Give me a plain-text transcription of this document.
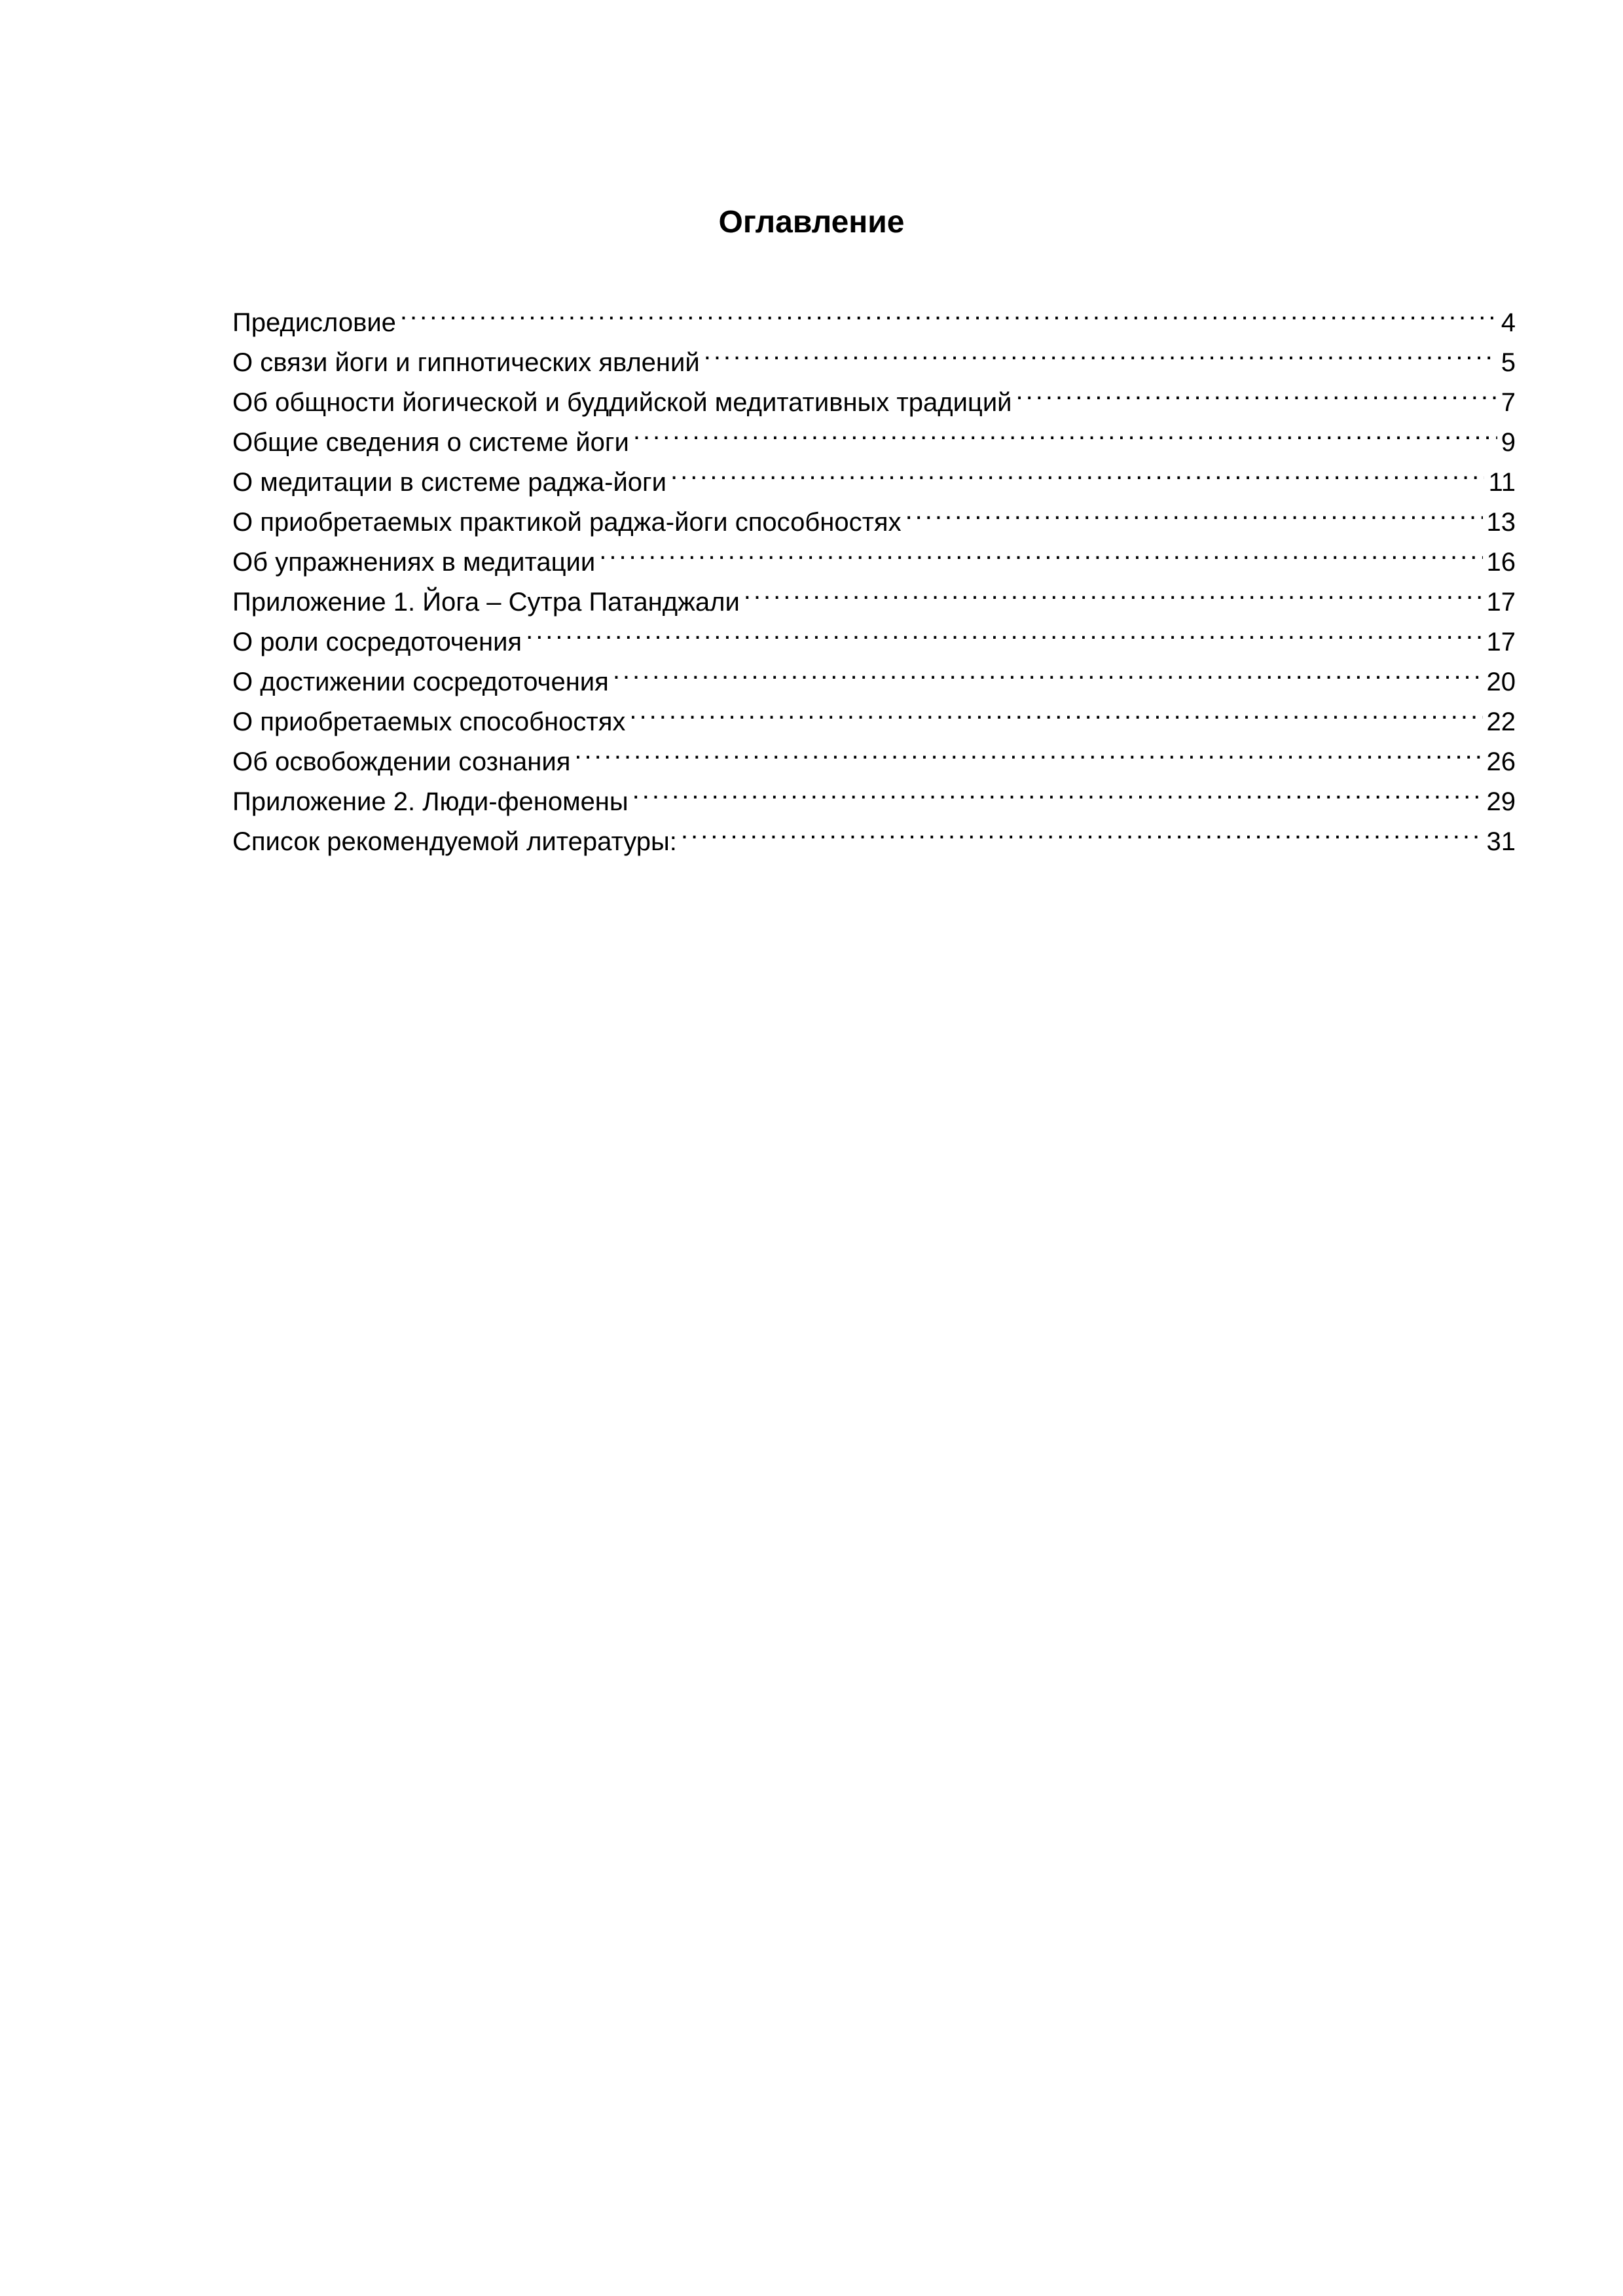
Оглавление
Предисловие .....	4
О связи йоги и гипнотических явлений .....	5
Об общности йогической и буддийской медитативных традиций .....	7
Общие сведения о системе йоги .....	9
О медитации в системе раджа-йоги .....	11
О приобретаемых практикой раджа-йоги способностях .....	13
Об упражнениях в медитации .....	16
Приложение 1. Йога – Сутра Патанджали .....	17
О роли сосредоточения .....	17
О достижении сосредоточения .....	20
О приобретаемых способностях .....	22
Об освобождении сознания .....	26
Приложение 2. Люди-феномены .....	29
Список рекомендуемой литературы: .....	31
